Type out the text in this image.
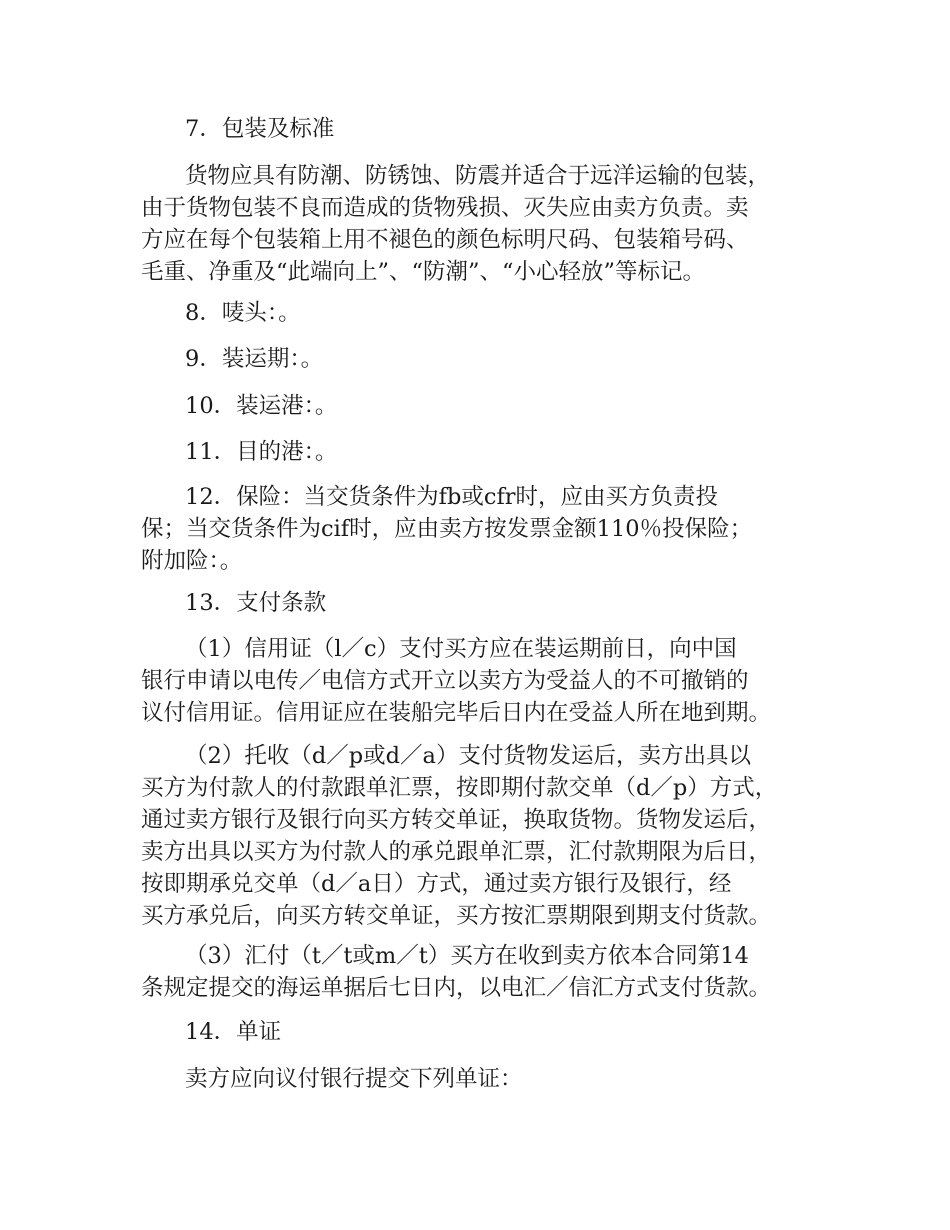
7．包装及标准

货物应具有防潮、防锈蚀、防震并适合于远洋运输的包装，
由于货物包装不良而造成的货物残损、灭失应由卖方负责。卖
方应在每个包装箱上用不褪色的颜色标明尺码、包装箱号码、
毛重、净重及“此端向上”、“防潮”、“小心轻放”等标记。

8．唛头：。

9．装运期：。

10．装运港：。

11．目的港：。

12．保险：当交货条件为fb或cfr时，应由买方负责投
保；当交货条件为cif时，应由卖方按发票金额110％投保险；
附加险：。

13．支付条款

（1）信用证（l／c）支付买方应在装运期前日，向中国
银行申请以电传／电信方式开立以卖方为受益人的不可撤销的
议付信用证。信用证应在装船完毕后日内在受益人所在地到期。

（2）托收（d／p或d／a）支付货物发运后，卖方出具以
买方为付款人的付款跟单汇票，按即期付款交单（d／p）方式，
通过卖方银行及银行向买方转交单证，换取货物。货物发运后，
卖方出具以买方为付款人的承兑跟单汇票，汇付款期限为后日，
按即期承兑交单（d／a日）方式，通过卖方银行及银行，经
买方承兑后，向买方转交单证，买方按汇票期限到期支付货款。

（3）汇付（t／t或m／t）买方在收到卖方依本合同第14
条规定提交的海运单据后七日内，以电汇／信汇方式支付货款。

14．单证

卖方应向议付银行提交下列单证：
